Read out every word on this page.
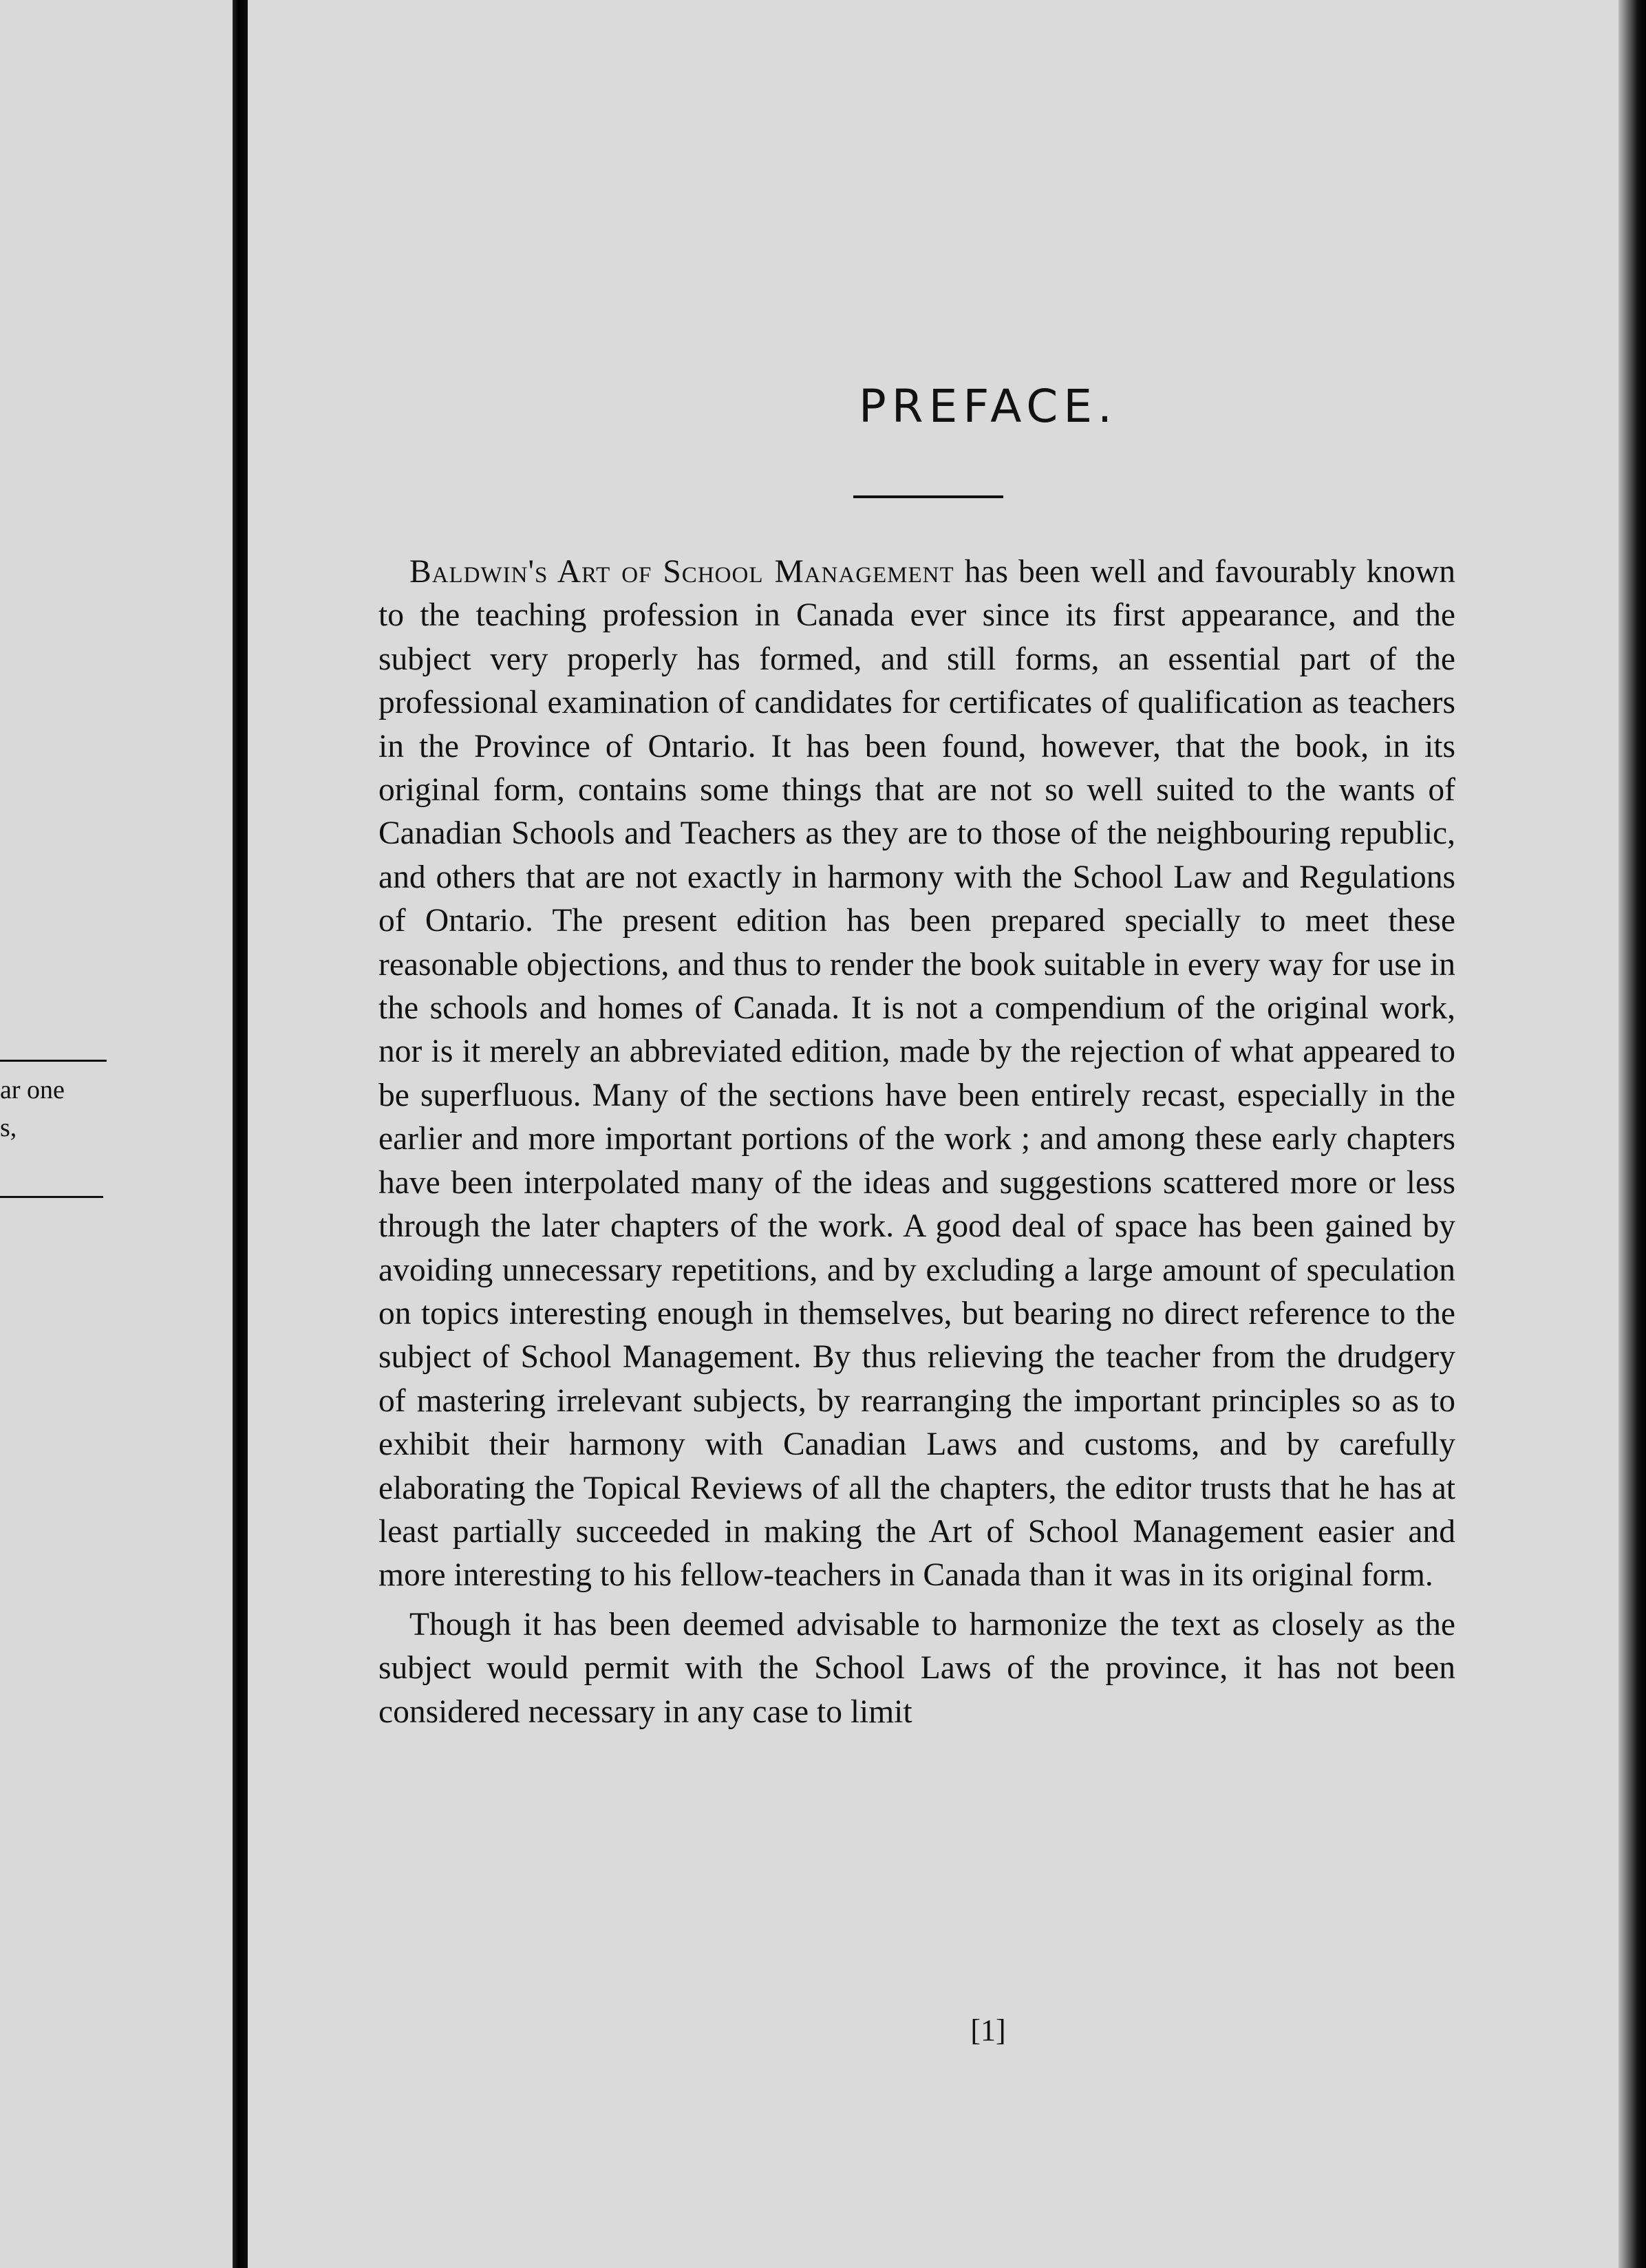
ar one
s,
PREFACE.

Baldwin's Art of School Management has been well and favourably known to the teaching profession in Canada ever since its first appearance, and the subject very properly has formed, and still forms, an essential part of the professional examination of candidates for certificates of qualification as teachers in the Province of Ontario. It has been found, however, that the book, in its original form, contains some things that are not so well suited to the wants of Canadian Schools and Teachers as they are to those of the neighbouring republic, and others that are not exactly in harmony with the School Law and Regulations of Ontario. The present edition has been prepared specially to meet these reasonable objections, and thus to render the book suitable in every way for use in the schools and homes of Canada. It is not a compendium of the original work, nor is it merely an abbreviated edition, made by the rejection of what appeared to be superfluous. Many of the sections have been entirely recast, especially in the earlier and more important portions of the work ; and among these early chapters have been interpolated many of the ideas and suggestions scattered more or less through the later chapters of the work. A good deal of space has been gained by avoiding unnecessary repetitions, and by excluding a large amount of speculation on topics interesting enough in themselves, but bearing no direct reference to the subject of School Management. By thus relieving the teacher from the drudgery of mastering irrelevant subjects, by rearranging the important principles so as to exhibit their harmony with Canadian Laws and customs, and by carefully elaborating the Topical Reviews of all the chapters, the editor trusts that he has at least partially succeeded in making the Art of School Management easier and more interesting to his fellow-teachers in Canada than it was in its original form.

Though it has been deemed advisable to harmonize the text as closely as the subject would permit with the School Laws of the province, it has not been considered necessary in any case to limit

[1]
